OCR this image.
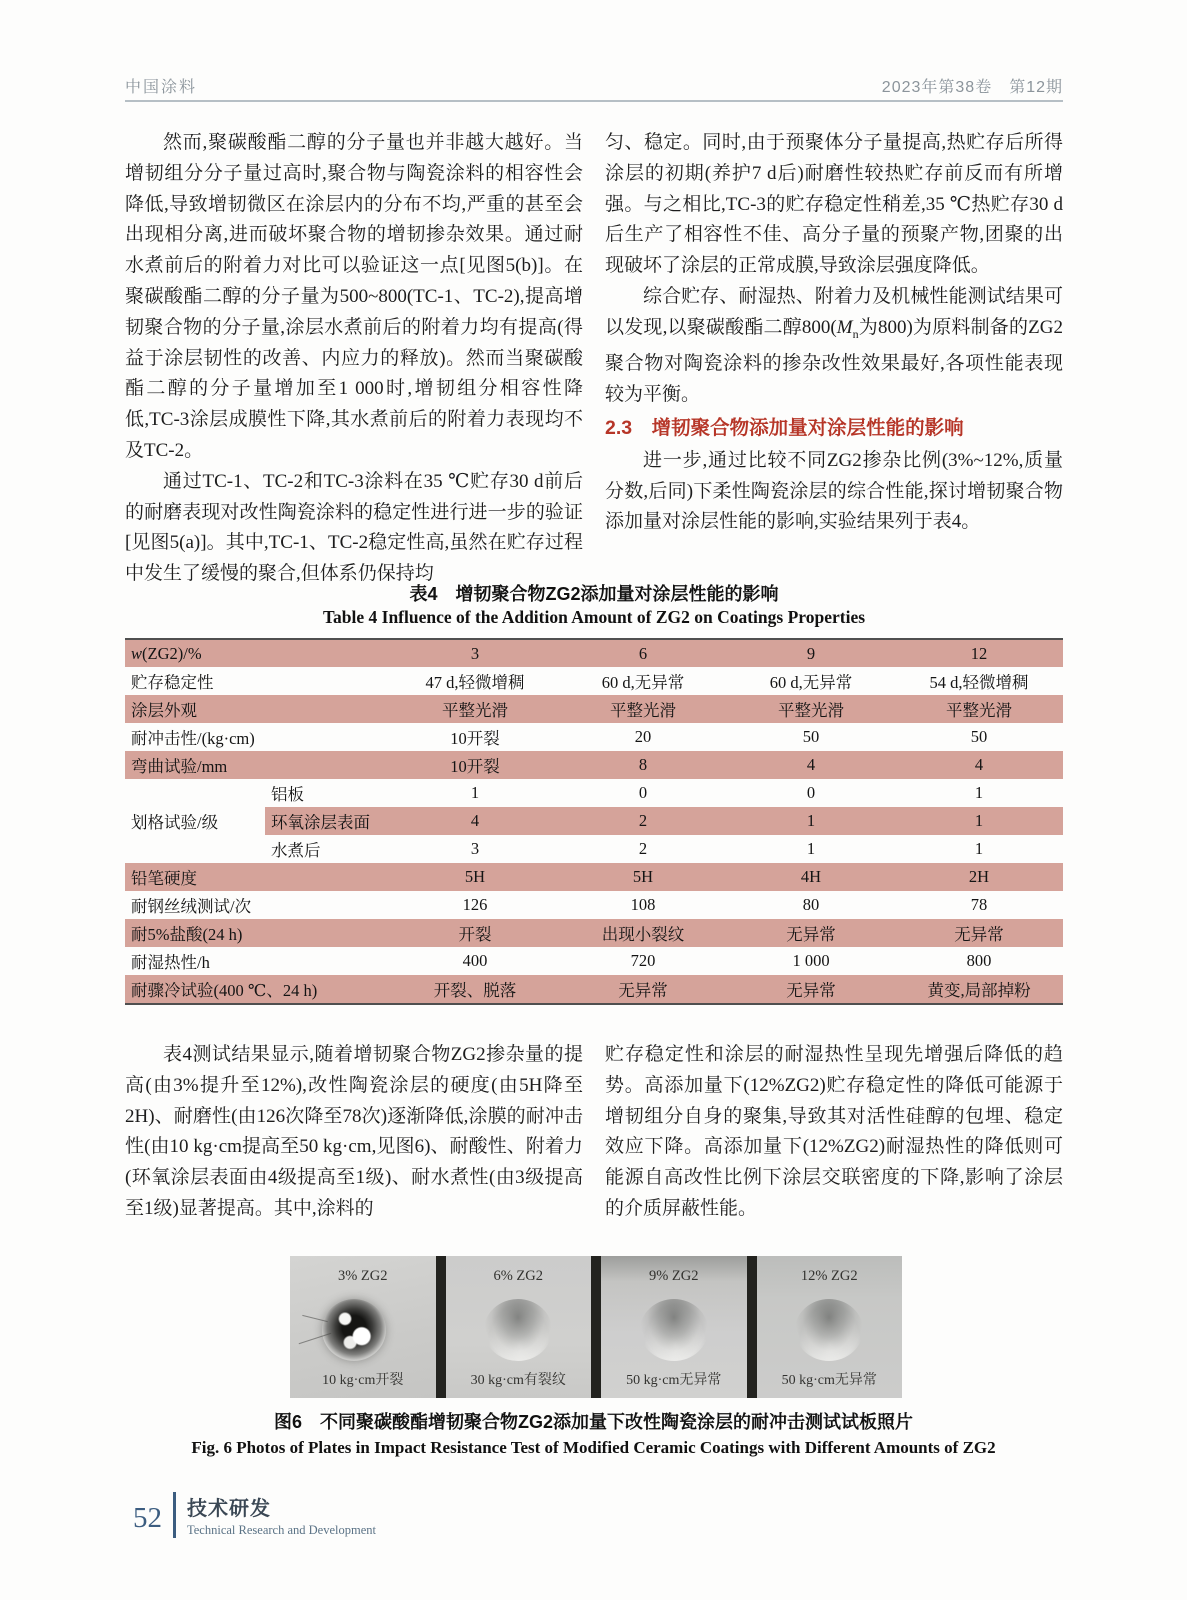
中国涂料	2023年第38卷　第12期

然而,聚碳酸酯二醇的分子量也并非越大越好。当增韧组分分子量过高时,聚合物与陶瓷涂料的相容性会降低,导致增韧微区在涂层内的分布不均,严重的甚至会出现相分离,进而破坏聚合物的增韧掺杂效果。通过耐水煮前后的附着力对比可以验证这一点[见图5(b)]。在聚碳酸酯二醇的分子量为500~800(TC-1、TC-2),提高增韧聚合物的分子量,涂层水煮前后的附着力均有提高(得益于涂层韧性的改善、内应力的释放)。然而当聚碳酸酯二醇的分子量增加至1 000时,增韧组分相容性降低,TC-3涂层成膜性下降,其水煮前后的附着力表现均不及TC-2。

通过TC-1、TC-2和TC-3涂料在35 ℃贮存30 d前后的耐磨表现对改性陶瓷涂料的稳定性进行进一步的验证[见图5(a)]。其中,TC-1、TC-2稳定性高,虽然在贮存过程中发生了缓慢的聚合,但体系仍保持均

匀、稳定。同时,由于预聚体分子量提高,热贮存后所得涂层的初期(养护7 d后)耐磨性较热贮存前反而有所增强。与之相比,TC-3的贮存稳定性稍差,35 ℃热贮存30 d后生产了相容性不佳、高分子量的预聚产物,团聚的出现破坏了涂层的正常成膜,导致涂层强度降低。

综合贮存、耐湿热、附着力及机械性能测试结果可以发现,以聚碳酸酯二醇$800(M_n$为800)为原料制备的ZG2聚合物对陶瓷涂料的掺杂改性效果最好,各项性能表现较为平衡。

2.3　增韧聚合物添加量对涂层性能的影响

进一步,通过比较不同ZG2掺杂比例(3%~12%,质量分数,后同)下柔性陶瓷涂层的综合性能,探讨增韧聚合物添加量对涂层性能的影响,实验结果列于表4。

表4　增韧聚合物ZG2添加量对涂层性能的影响
Table 4 Influence of the Addition Amount of ZG2 on Coatings Properties
w(ZG2)/%		3	6	9	12
贮存稳定性		47 d,轻微增稠	60 d,无异常	60 d,无异常	54 d,轻微增稠
涂层外观		平整光滑	平整光滑	平整光滑	平整光滑
耐冲击性/(kg·cm)		10开裂	20	50	50
弯曲试验/mm		10开裂	8	4	4
划格试验/级	铝板	1	0	0	1
	环氧涂层表面	4	2	1	1
	水煮后	3	2	1	1
铅笔硬度		5H	5H	4H	2H
耐钢丝绒测试/次		126	108	80	78
耐5%盐酸(24 h)		开裂	出现小裂纹	无异常	无异常
耐湿热性/h		400	720	1 000	800
耐骤冷试验(400 ℃、24 h)		开裂、脱落	无异常	无异常	黄变,局部掉粉

表4测试结果显示,随着增韧聚合物ZG2掺杂量的提高(由3%提升至12%),改性陶瓷涂层的硬度(由5H降至2H)、耐磨性(由126次降至78次)逐渐降低,涂膜的耐冲击性(由10 kg·cm提高至50 kg·cm,见图6)、耐酸性、附着力(环氧涂层表面由4级提高至1级)、耐水煮性(由3级提高至1级)显著提高。其中,涂料的

贮存稳定性和涂层的耐湿热性呈现先增强后降低的趋势。高添加量下(12%ZG2)贮存稳定性的降低可能源于增韧组分自身的聚集,导致其对活性硅醇的包埋、稳定效应下降。高添加量下(12%ZG2)耐湿热性的降低则可能源自高改性比例下涂层交联密度的下降,影响了涂层的介质屏蔽性能。

3% ZG2
10 kg·cm开裂
6% ZG2
30 kg·cm有裂纹
9% ZG2
50 kg·cm无异常
12% ZG2
50 kg·cm无异常
图6　不同聚碳酸酯增韧聚合物ZG2添加量下改性陶瓷涂层的耐冲击测试试板照片
Fig. 6 Photos of Plates in Impact Resistance Test of Modified Ceramic Coatings with Different Amounts of ZG2
52 技术研发
Technical Research and Development
